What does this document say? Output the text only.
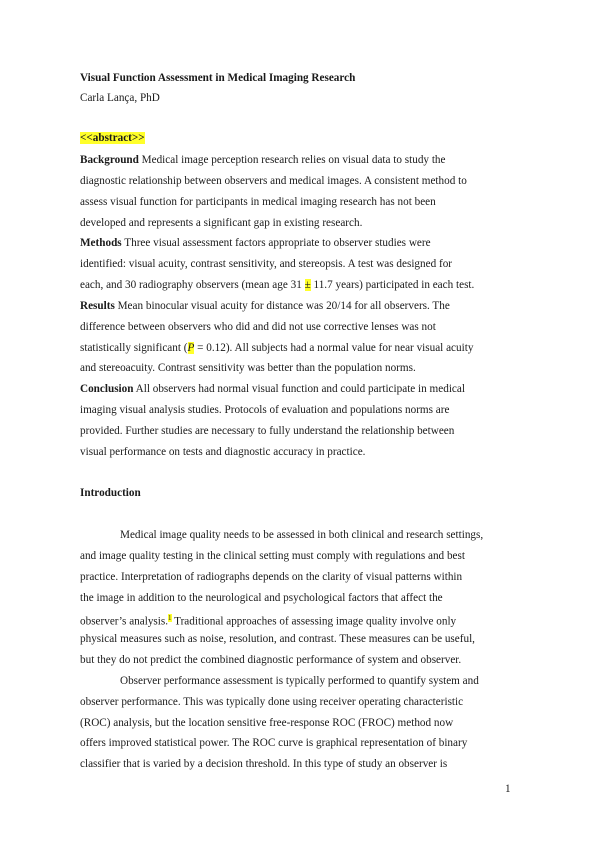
Visual Function Assessment in Medical Imaging Research
Carla Lança, PhD
<<abstract>>
Background Medical image perception research relies on visual data to study the
diagnostic relationship between observers and medical images. A consistent method to
assess visual function for participants in medical imaging research has not been
developed and represents a significant gap in existing research.
Methods Three visual assessment factors appropriate to observer studies were
identified: visual acuity, contrast sensitivity, and stereopsis. A test was designed for
each, and 30 radiography observers (mean age 31 ± 11.7 years) participated in each test.
Results Mean binocular visual acuity for distance was 20/14 for all observers. The
difference between observers who did and did not use corrective lenses was not
statistically significant (P = 0.12). All subjects had a normal value for near visual acuity
and stereoacuity. Contrast sensitivity was better than the population norms.
Conclusion All observers had normal visual function and could participate in medical
imaging visual analysis studies. Protocols of evaluation and populations norms are
provided. Further studies are necessary to fully understand the relationship between
visual performance on tests and diagnostic accuracy in practice.
Introduction
Medical image quality needs to be assessed in both clinical and research settings,
and image quality testing in the clinical setting must comply with regulations and best
practice. Interpretation of radiographs depends on the clarity of visual patterns within
the image in addition to the neurological and psychological factors that affect the
observer’s analysis.$^1$ Traditional approaches of assessing image quality involve only
physical measures such as noise, resolution, and contrast. These measures can be useful,
but they do not predict the combined diagnostic performance of system and observer.
Observer performance assessment is typically performed to quantify system and
observer performance. This was typically done using receiver operating characteristic
(ROC) analysis, but the location sensitive free-response ROC (FROC) method now
offers improved statistical power. The ROC curve is graphical representation of binary
classifier that is varied by a decision threshold. In this type of study an observer is
1
